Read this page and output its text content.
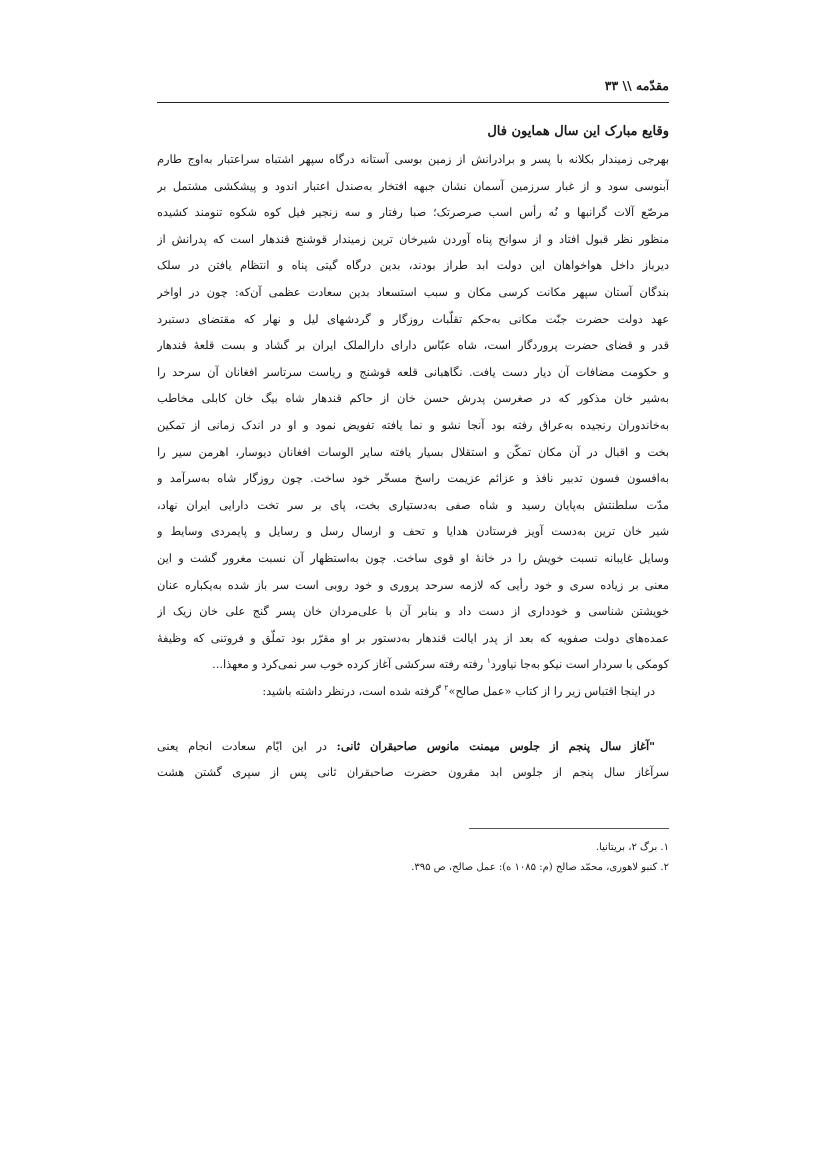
مقدّمه \\ ۳۳
وقایع مبارک این سال همایون فال
بهرجی زمیندار بکلانه با پسر و برادرانش از زمین بوسی آستانه درگاه سپهر اشتباه سراعتبار به‌اوج طارم
آبنوسی سود و از غبار سرزمین آسمان نشان جبهه افتخار به‌صندل اعتبار اندود و پیشکشی مشتمل بر
مرصّع آلات گرانبها و نُه رأس اسب صرصرتک؛ صبا رفتار و سه زنجیر فیل کوه شکوه تنومند کشیده
منظور نظر قبول افتاد و از سوانح پناه آوردن شیرخان ترین زمیندار قوشنج قندهار است که پدرانش از
دیرباز داخل هواخواهان این دولت ابد طراز بودند، بدین درگاه گیتی پناه و انتظام یافتن در سلک
بندگان آستان سپهر مکانت کرسی مکان و سبب استسعاد بدین سعادت عظمی آن‌که: چون در اواخر
عهد دولت حضرت جنّت مکانی به‌حکم تقلّبات روزگار و گردشهای لیل و نهار که مقتضای دستبرد
قدر و قضای حضرت پروردگار است، شاه عبّاس دارای دارالملک ایران بر گشاد و بست قلعۀ قندهار
و حکومت مضافات آن دیار دست یافت. نگاهبانی قلعه قوشنج و ریاست سرتاسر افغانان آن سرحد را
به‌شیر خان مذکور که در صغرسن پدرش حسن خان از حاکم قندهار شاه بیگ خان کابلی مخاطب
به‌خاندوران رنجیده به‌عراق رفته بود آنجا نشو و نما یافته تفویض نمود و او در اندک زمانی از تمکین
بخت و اقبال در آن مکان تمکّن و استقلال بسیار یافته سایر الوسات افغانان دیوسار، اهرمن سیر را
به‌افسون فسون تدبیر نافذ و عزائم عزیمت راسخ مسخّر خود ساخت. چون روزگار شاه به‌سرآمد و
مدّت سلطنتش به‌پایان رسید و شاه صفی به‌دستیاری بخت، پای بر سر تخت دارایی ایران نهاد،
شیر خان ترین به‌دست آویز فرستادن هدایا و تحف و ارسال رسل و رسایل و پایمردی وسایط و
وسایل غایبانه نسبت خویش را در خانۀ او قوی ساخت. چون به‌استظهار آن نسبت مغرور گشت و این
معنی بر زیاده سری و خود رأیی که لازمه سرحد پروری و خود روبی است سر باز شده به‌یکباره عنان
خویشتن شناسی و خودداری از دست داد و بنابر آن با علی‌مردان خان پسر گنج علی خان زیک از
عمده‌های دولت صفویه که بعد از پدر ایالت قندهار به‌دستور بر او مقرّر بود تملّق و فروتنی که وظیفۀ
کومکی با سردار است نیکو به‌جا نیاورد$^۱$ رفته رفته سرکشی آغاز کرده خوب سر نمی‌کرد و معهذا...
در اینجا اقتباس زیر را از کتاب «عمل صالح»$^۲$ گرفته شده است، درنظر داشته باشید:
"آغاز سال پنجم از جلوس میمنت مانوس صاحبقران ثانی: در این ایّام سعادت انجام یعنی
سرآغاز سال پنجم از جلوس ابد مقرون حضرت صاحبقران ثانی پس از سپری گشتن هشت
۱. برگ ۲، بریتانیا.
۲. کنبو لاهوری، محمّد صالح (م: ۱۰۸۵ ه): عمل صالح، ص ۳۹۵.
